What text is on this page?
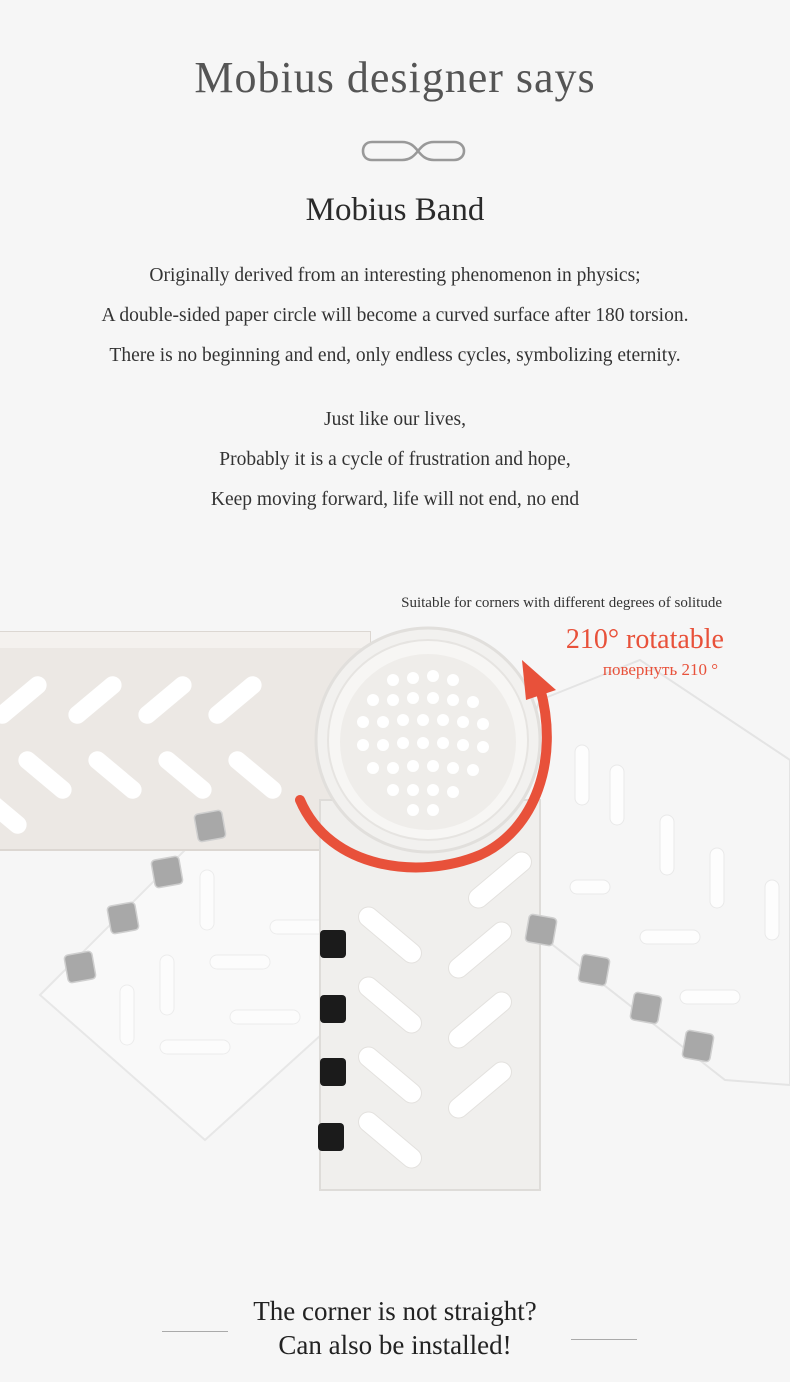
Mobius designer says
Mobius Band
Originally derived from an interesting phenomenon in physics;
A double-sided paper circle will become a curved surface after 180 torsion.
There is no beginning and end, only endless cycles, symbolizing eternity.
Just like our lives,
Probably it is a cycle of frustration and hope,
Keep moving forward, life will not end, no end
Suitable for corners with different degrees of solitude
210° rotatable
повернуть 210 °
The corner is not straight?
Can also be installed!
